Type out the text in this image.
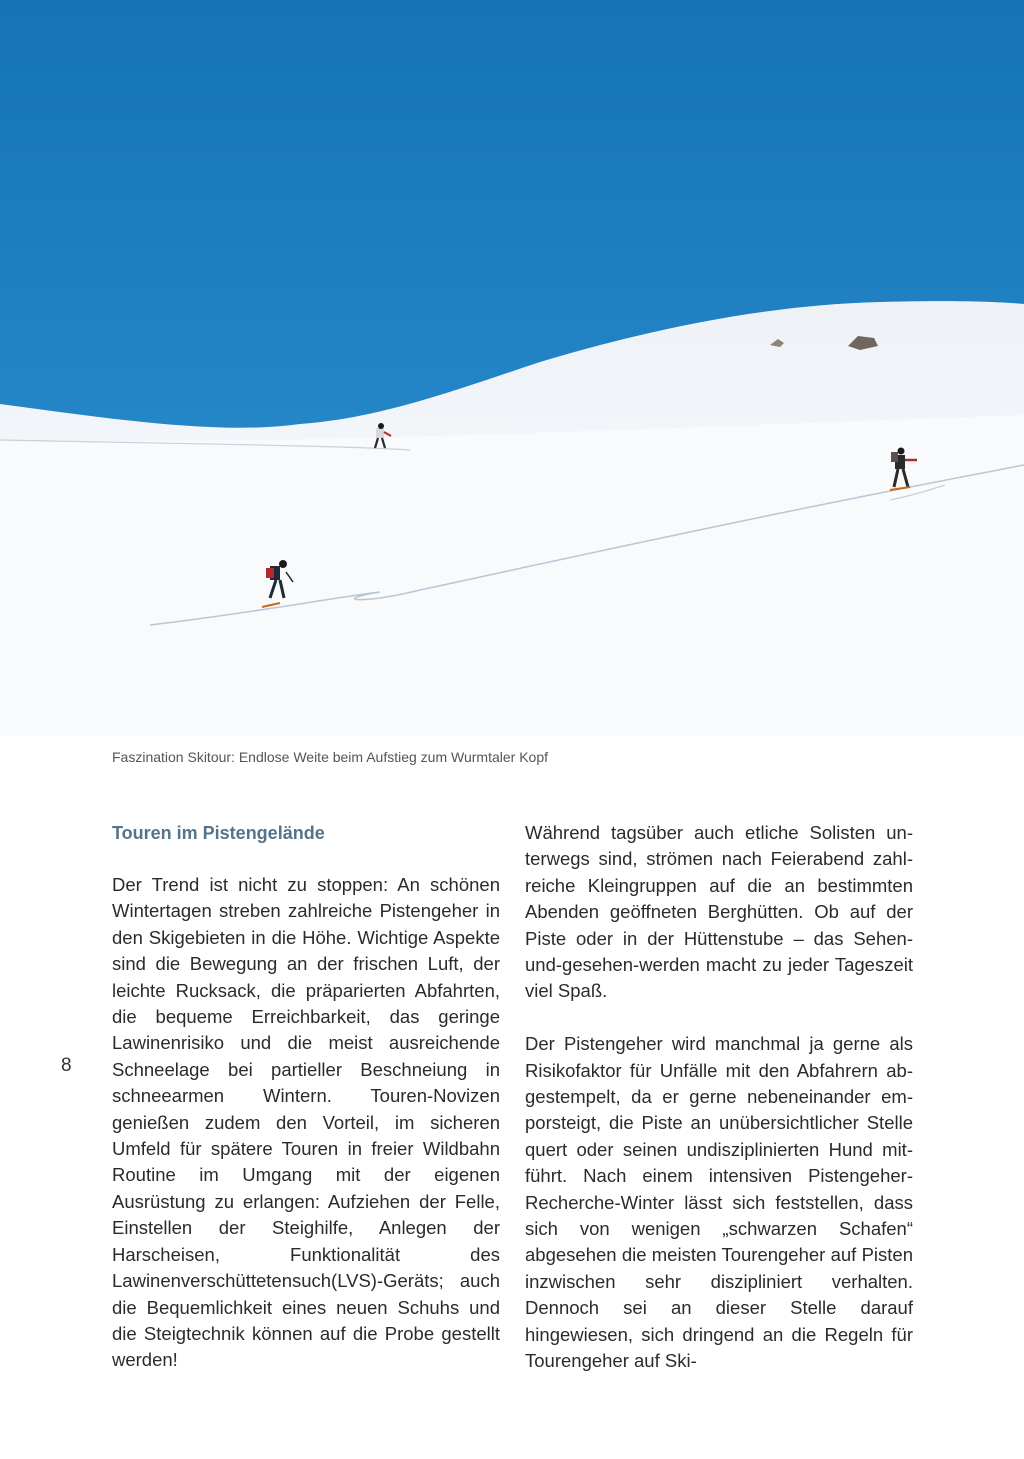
Faszination Skitour: Endlose Weite beim Aufstieg zum Wurmtaler Kopf
Touren im Pistengelände

Der Trend ist nicht zu stoppen: An schönen Wintertagen streben zahlreiche Pistengeher in den Skigebieten in die Höhe. Wichtige Aspekte sind die Bewegung an der frischen Luft, der leichte Rucksack, die präparierten Abfahrten, die bequeme Erreichbarkeit, das geringe Lawinenrisiko und die meist ausreichende Schneelage bei partieller Beschneiung in schneearmen Wintern. Touren-Novizen genießen zudem den Vorteil, im sicheren Umfeld für spätere Touren in freier Wildbahn Routine im Umgang mit der eigenen Ausrüstung zu erlangen: Aufziehen der Felle, Einstellen der Steighilfe, Anlegen der Harscheisen, Funktionalität des Lawinenverschüttetensuch(LVS)-Geräts; auch die Bequemlichkeit eines neuen Schuhs und die Steigtechnik können auf die Probe gestellt werden!

Während tagsüber auch etliche Solisten unterwegs sind, strömen nach Feierabend zahlreiche Kleingruppen auf die an bestimmten Abenden geöffneten Berghütten. Ob auf der Piste oder in der Hüttenstube – das Sehen-und-gesehen-werden macht zu jeder Tageszeit viel Spaß.

Der Pistengeher wird manchmal ja gerne als Risikofaktor für Unfälle mit den Abfahrern abgestempelt, da er gerne nebeneinander emporsteigt, die Piste an unübersichtlicher Stelle quert oder seinen undisziplinierten Hund mitführt. Nach einem intensiven Pistengeher-Recherche-Winter lässt sich feststellen, dass sich von wenigen „schwarzen Schafen“ abgesehen die meisten Tourengeher auf Pisten inzwischen sehr diszipliniert verhalten. Dennoch sei an dieser Stelle darauf hingewiesen, sich dringend an die Regeln für Tourengeher auf Ski-

8
